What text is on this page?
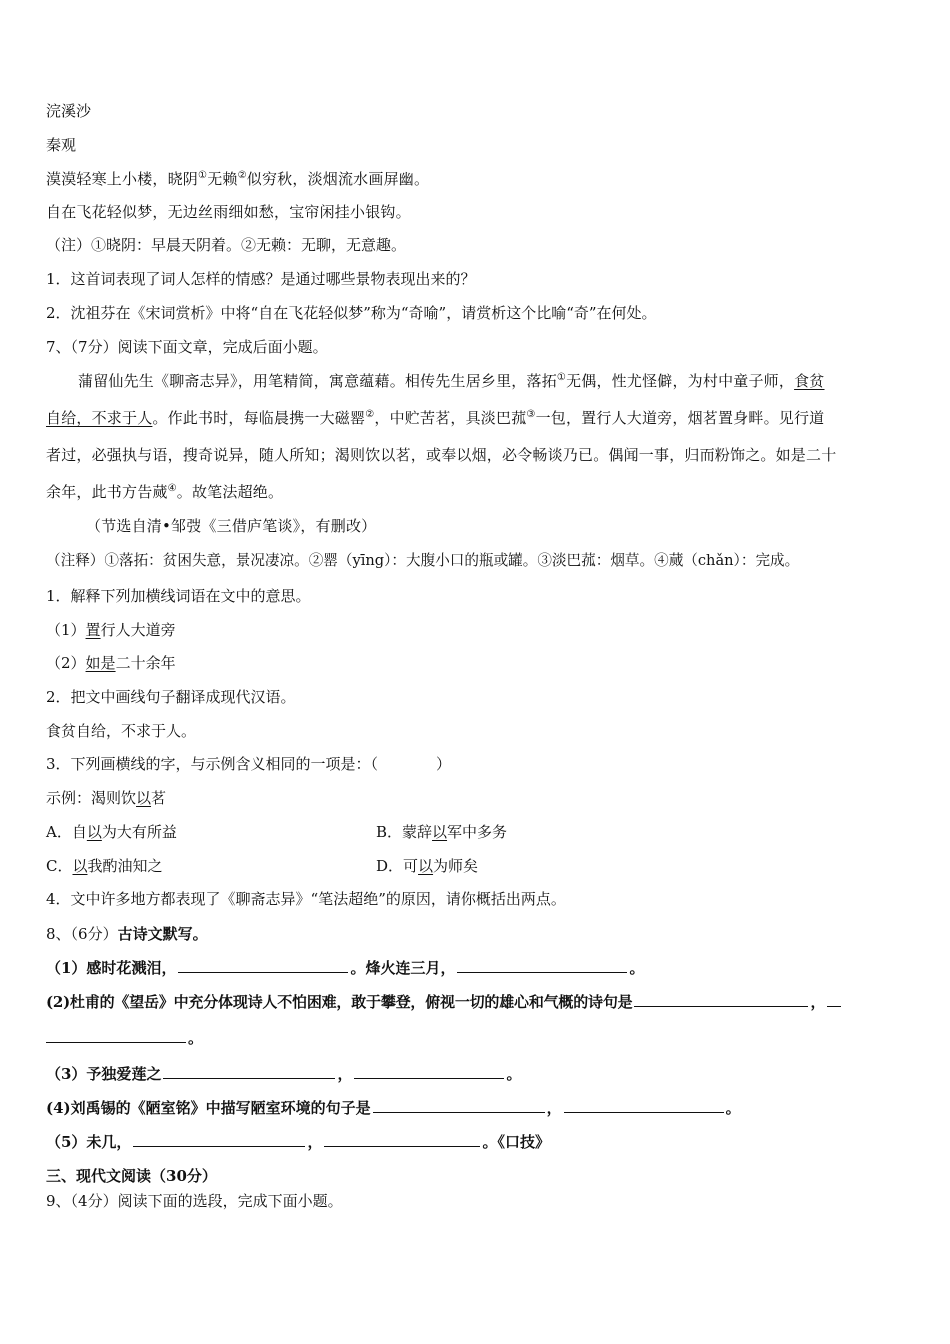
浣溪沙
秦观
漠漠轻寒上小楼，晓阴①无赖②似穷秋，淡烟流水画屏幽。
自在飞花轻似梦，无边丝雨细如愁，宝帘闲挂小银钩。
（注）①晓阴：早晨天阴着。②无赖：无聊，无意趣。
1．这首词表现了词人怎样的情感？是通过哪些景物表现出来的？
2．沈祖芬在《宋词赏析》中将“自在飞花轻似梦”称为“奇喻”，请赏析这个比喻“奇”在何处。
7、（7分）阅读下面文章，完成后面小题。
蒲留仙先生《聊斋志异》，用笔精简，寓意蕴藉。相传先生居乡里，落拓①无偶，性尤怪僻，为村中童子师，食贫
自给，不求于人。作此书时，每临晨携一大磁罂②，中贮苦茗，具淡巴菰③一包，置行人大道旁，烟茗置身畔。见行道
者过，必强执与语，搜奇说异，随人所知；渴则饮以茗，或奉以烟，必令畅谈乃已。偶闻一事，归而粉饰之。如是二十
余年，此书方告蒇④。故笔法超绝。
（节选自清•邹弢《三借庐笔谈》，有删改）
（注释）①落拓：贫困失意，景况凄凉。②罂（yīng）：大腹小口的瓶或罐。③淡巴菰：烟草。④蒇（chǎn）：完成。
1．解释下列加横线词语在文中的意思。
（1）置行人大道旁
（2）如是二十余年
2．把文中画线句子翻译成现代汉语。
食贫自给，不求于人。
3．下列画横线的字，与示例含义相同的一项是：（	）
示例：渴则饮以茗
A．自以为大有所益	B．蒙辞以军中多务
C．以我酌油知之	D．可以为师矣
4．文中许多地方都表现了《聊斋志异》“笔法超绝”的原因，请你概括出两点。
8、（6分）古诗文默写。
（1）感时花溅泪，	。烽火连三月，	。
(2)杜甫的《望岳》中充分体现诗人不怕困难，敢于攀登，俯视一切的雄心和气概的诗句是	，
。
（3）予独爱莲之	，	。
(4)刘禹锡的《陋室铭》中描写陋室环境的句子是	，	。
（5）未几，	，	。《口技》
三、现代文阅读（30分）
9、（4分）阅读下面的选段，完成下面小题。
